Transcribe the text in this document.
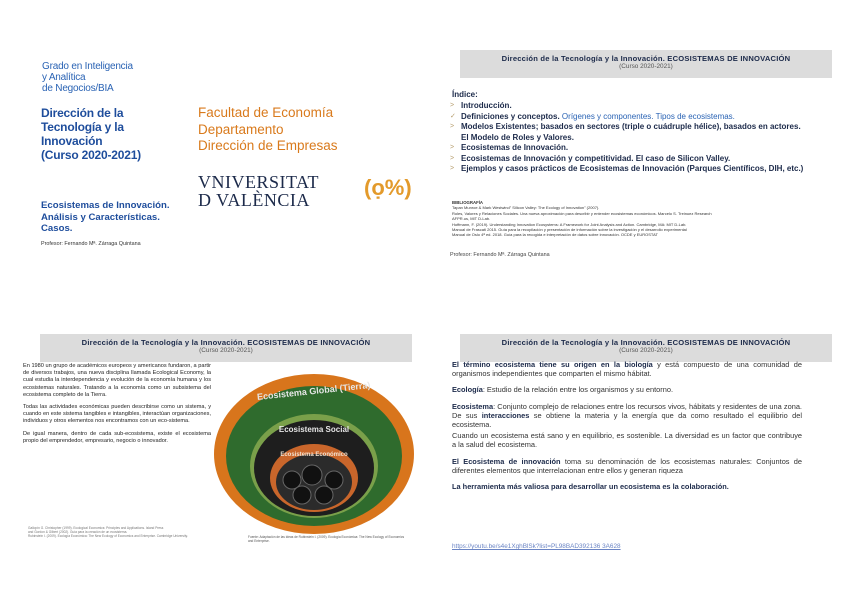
Grado en Inteligencia
y Analítica
de Negocios/BIA
Dirección de la
Tecnología y la
Innovación
(Curso 2020-2021)
Facultad de Economía
Departamento
Dirección de Empresas
VNIVERSITAT
D VALÈNCIA	(ọ%)
Ecosistemas de Innovación.
Análisis y Características.
Casos.
Profesor: Fernando Mª. Zárraga Quintana
Dirección de la Tecnología y la Innovación. ECOSISTEMAS DE INNOVACIÓN
(Curso 2020-2021)
Índice:
> Introducción.
✓ Definiciones y conceptos. Orígenes y componentes. Tipos de ecosistemas.
> Modelos Existentes; basados en sectores (triple o cuádruple hélice), basados en actores. El Modelo de Roles y Valores.
> Ecosistemas de Innovación.
> Ecosistemas de Innovación y competitividad. El caso de Silicon Valley.
> Ejemplos y casos prácticos de Ecosistemas de Innovación (Parques Científicos, DIH, etc.)
BIBLIOGRAFÍA
Tapan Munroe & Mark Westwind" Silicon Valley: The Ecology of Innovation" (2007).
Roles, Valores y Relaciones Sociales. Una nueva aproximación para describir y entender ecosistemas económicos. Marcelo S. Treinuez Research
AFPR.us, MIT D-Lab.
Hoffmann, F. (2019). Understanding Innovation Ecosystems: A Framework for Joint Analysis and Action. Cambridge, MA: MIT D-Lab.
Manual de Frascati 2015. Guía para la recopilación y presentación de información sobre la investigación y el desarrollo experimental
Manual de Oslo 4ª ed. 2018. Guía para la recogida e interpretación de datos sobre innovación. OCDE y EUROSTAT
Profesor: Fernando Mª. Zárraga Quintana
Dirección de la Tecnología y la Innovación. ECOSISTEMAS DE INNOVACIÓN
(Curso 2020-2021)

En 1980 un grupo de académicos europeos y americanos fundaron, a partir de diversos trabajos, una nueva disciplina llamada Ecological Economy, la cual estudia la interdependencia y evolución de la economía humana y los ecosistemas naturales. Tratando a la economía como un subsistema del ecosistema completo de la Tierra.

Todas las actividades económicas pueden describirse como un sistema, y cuando en este sistema tangibles e intangibles, interactúan organizaciones, individuos y otros elementos nos encontramos con un eco-sistema.

De igual manera, dentro de cada sub-ecosistema, existe el ecosistema propio del emprendedor, empresario, negocio o innovador.

Ecosistema Global (Tierra)
Ecosistema Social
Ecosistema Económico
Gallopín G. Christopher (1999). Ecological Economics: Principles and Applications. Island Press
and Gordon & Gilbert (2002). Guía para la creación de un ecosistema.
Rubinstein I. (2009). Ecología Económica: The New Ecology of Economics and Enterprise. Cambridge University.	Fuente: Adaptación de las ideas de Rubinstein I. (2009). Ecología Económica: The New Ecology of Economics and Enterprise.
Dirección de la Tecnología y la Innovación. ECOSISTEMAS DE INNOVACIÓN
(Curso 2020-2021)

El término ecosistema tiene su origen en la biología y está compuesto de una comunidad de organismos independientes que comparten el mismo hábitat.

Ecología: Estudio de la relación entre los organismos y su entorno.

Ecosistema: Conjunto complejo de relaciones entre los recursos vivos, hábitats y residentes de una zona. De sus interacciones se obtiene la materia y la energía que da como resultado el equilibrio del ecosistema.

Cuando un ecosistema está sano y en equilibrio, es sostenible. La diversidad es un factor que contribuye a la salud del ecosistema.

El Ecosistema de innovación toma su denominación de los ecosistemas naturales: Conjuntos de diferentes elementos que interrelacionan entre ellos y generan riqueza

La herramienta más valiosa para desarrollar un ecosistema es la colaboración.

https://youtu.be/s4e1XghBlSk?list=PL98BAD392136 3A628
